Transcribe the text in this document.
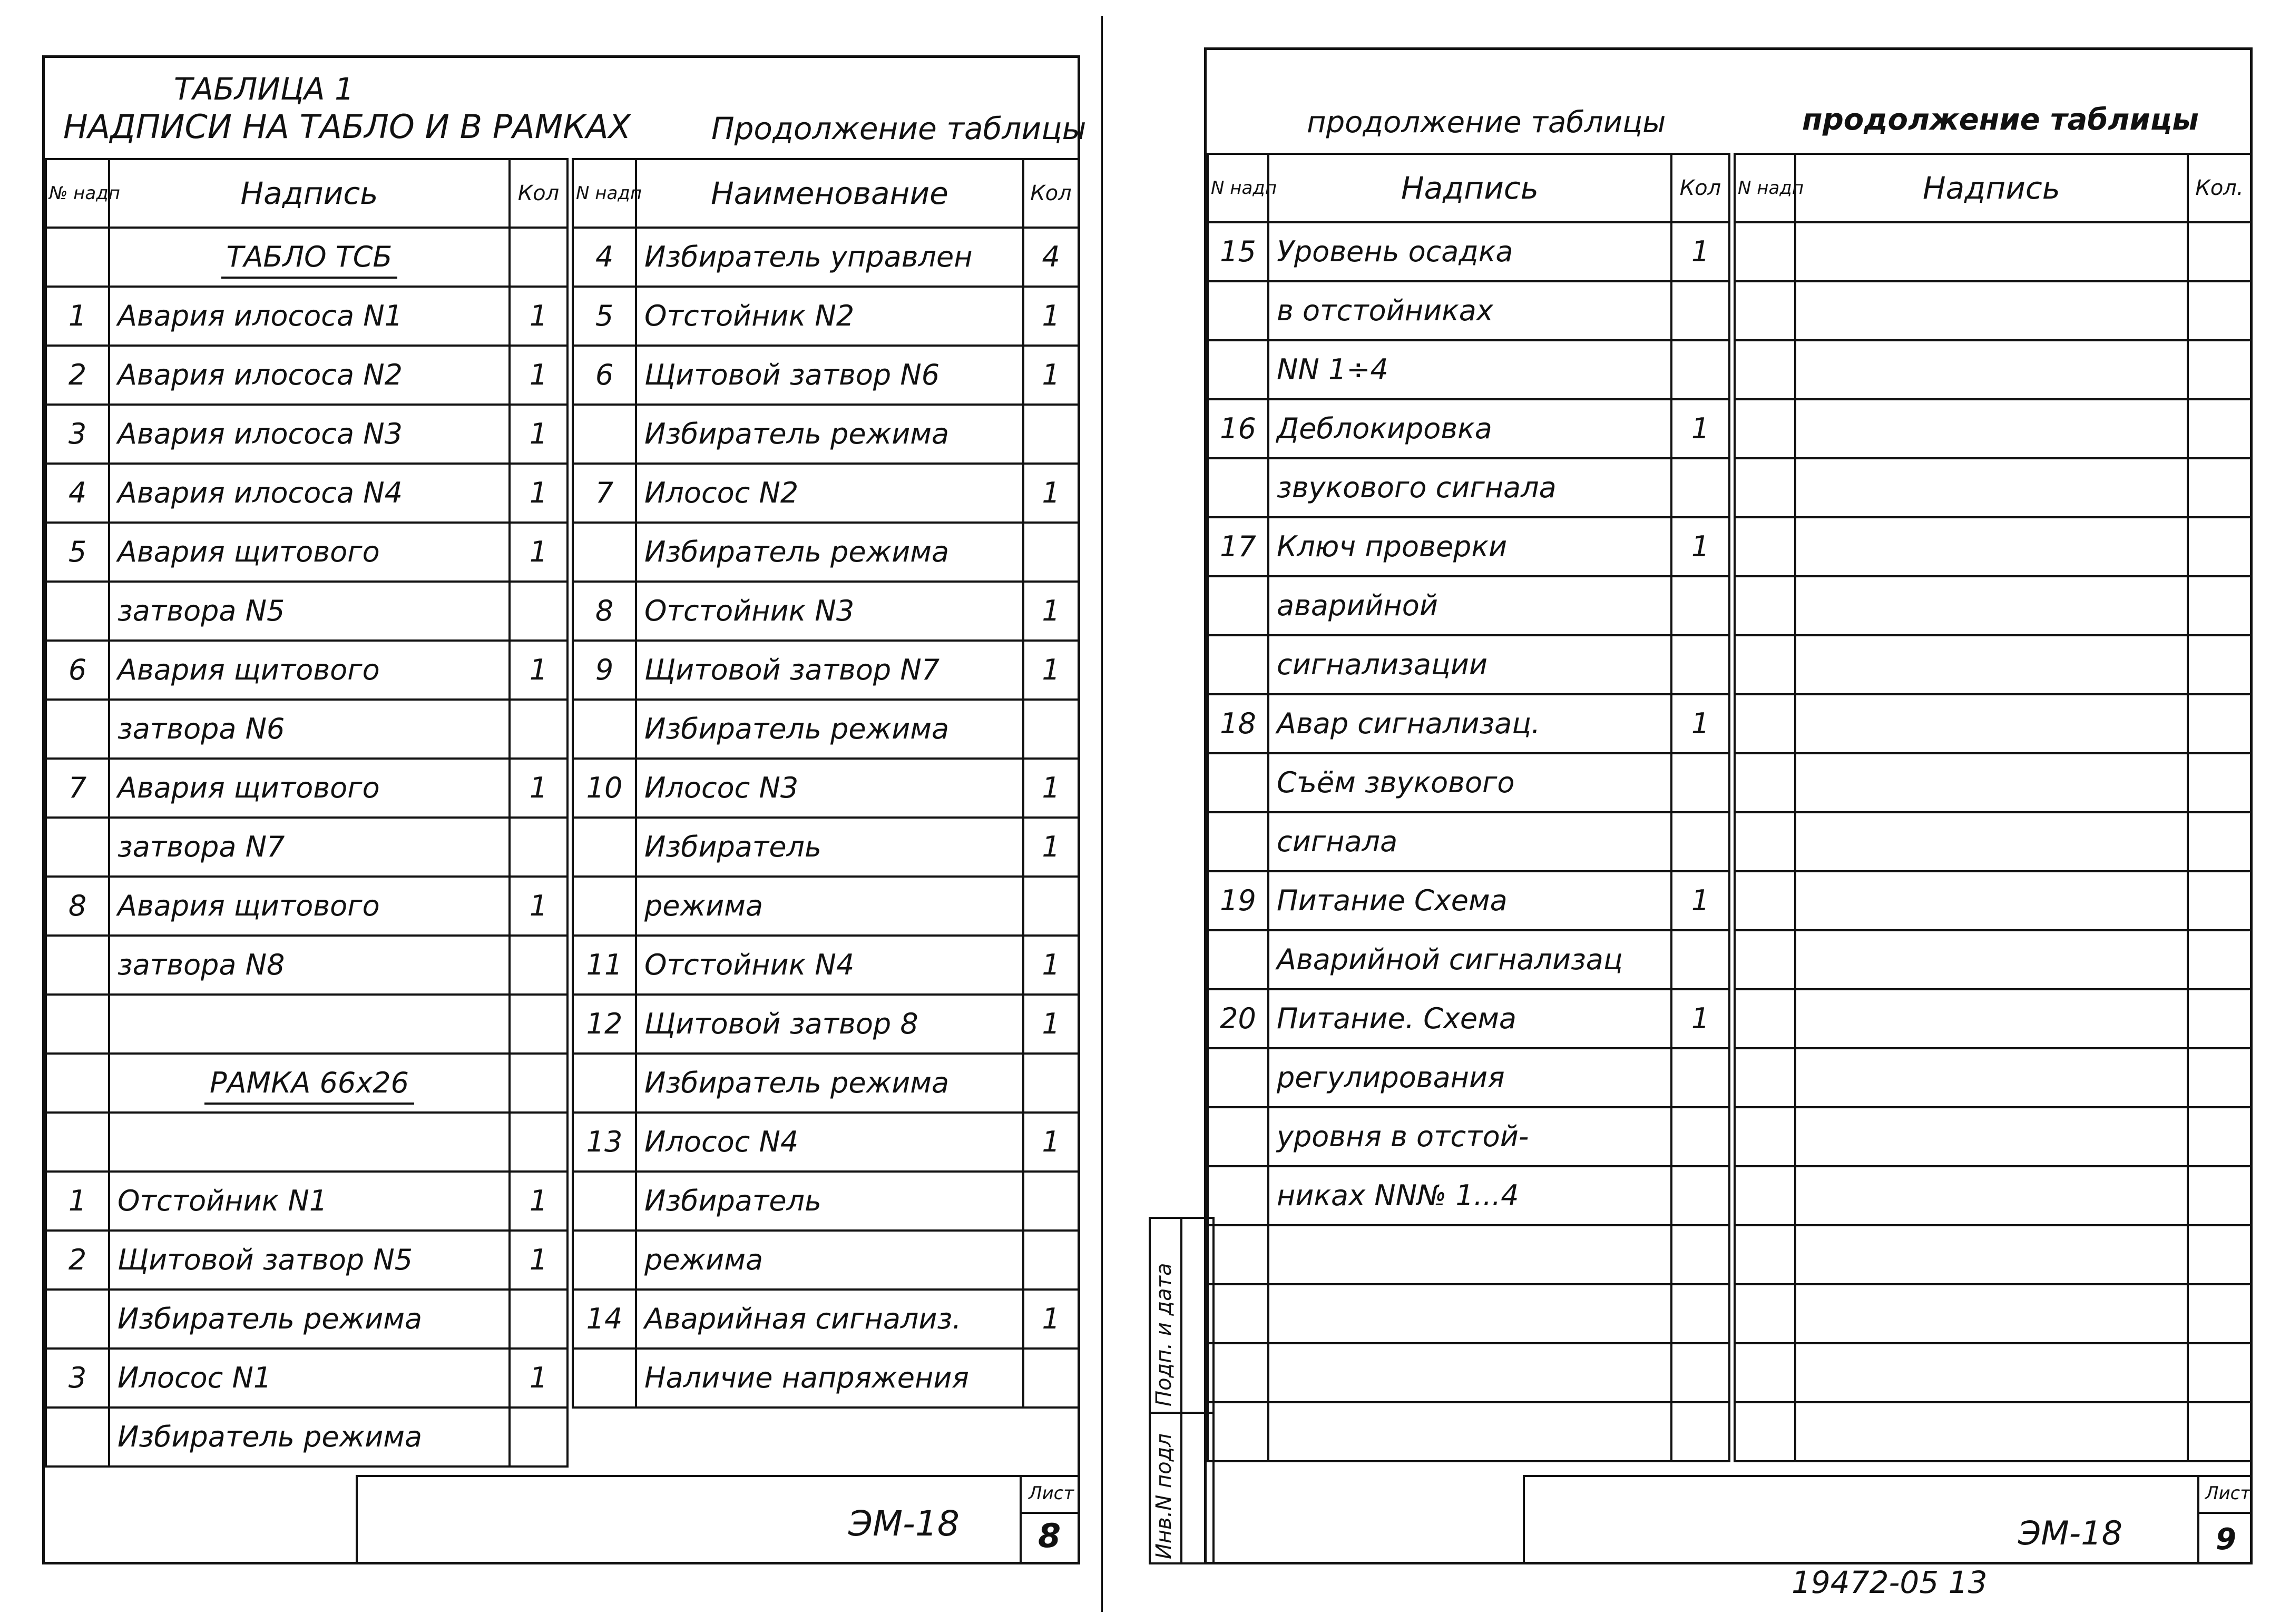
ТАБЛИЦА 1
НАДПИСИ НА ТАБЛО И В РАМКАХ	Продолжение таблицы
№ надп	Надпись	Кол
	ТАБЛО ТСБ	
1	Авария илососа N1	1
2	Авария илососа N2	1
3	Авария илососа N3	1
4	Авария илососа N4	1
5	Авария щитового	1
	затвора N5	
6	Авария щитового	1
	затвора N6	
7	Авария щитового	1
	затвора N7	
8	Авария щитового	1
	затвора N8	

	РАМКА 66х26	

1	Отстойник N1	1
2	Щитовой затвор N5	1
	Избиратель режима	
3	Илосос N1	1
	Избиратель режима	
N надп	Наименование	Кол
4	Избиратель управлен	4
5	Отстойник N2	1
6	Щитовой затвор N6	1
	Избиратель режима	
7	Илосос N2	1
	Избиратель режима	
8	Отстойник N3	1
9	Щитовой затвор N7	1
	Избиратель режима	
10	Илосос N3	1
	Избиратель	1
	режима	
11	Отстойник N4	1
12	Щитовой затвор 8	1
	Избиратель режима	
13	Илосос N4	1
	Избиратель	
	режима	
14	Аварийная сигнализ.	1
	Наличие напряжения	
ЭМ-18
Лист
8
продолжение таблицы	продолжение таблицы
N надп	Надпись	Кол
15	Уровень осадка	1
	в отстойниках	
	NN 1÷4	
16	Деблокировка	1
	звукового сигнала	
17	Ключ проверки	1
	аварийной	
	сигнализации	
18	Авар сигнализац.	1
	Съём звукового	
	сигнала	
19	Питание Схема	1
	Аварийной сигнализац	
20	Питание. Схема	1
	регулирования	
	уровня в отстой-	
	никах NN№ 1...4	

N надп	Надпись	Кол.

Инв.N подл
Подп. и дата
ЭМ-18
Лист
9
19472-05 13
